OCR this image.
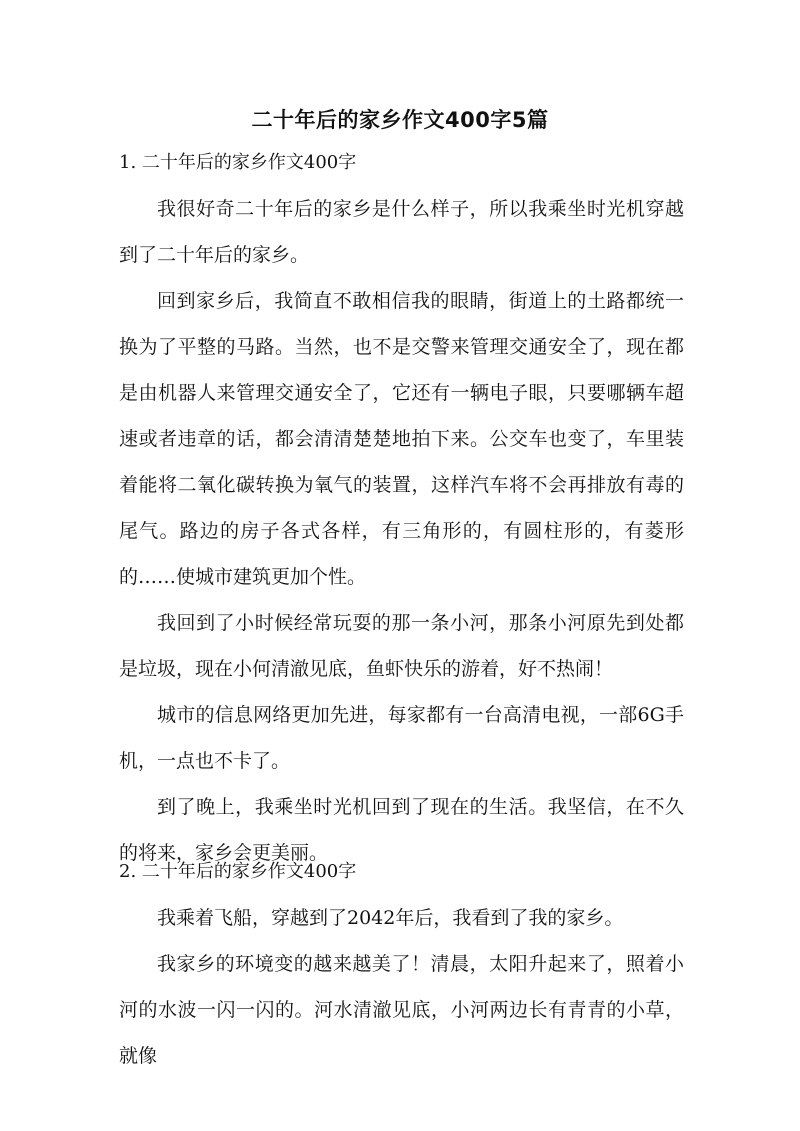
二十年后的家乡作文400字5篇
1. 二十年后的家乡作文400字

我很好奇二十年后的家乡是什么样子，所以我乘坐时光机穿越到了二十年后的家乡。

回到家乡后，我简直不敢相信我的眼睛，街道上的土路都统一换为了平整的马路。当然，也不是交警来管理交通安全了，现在都是由机器人来管理交通安全了，它还有一辆电子眼，只要哪辆车超速或者违章的话，都会清清楚楚地拍下来。公交车也变了，车里装着能将二氧化碳转换为氧气的装置，这样汽车将不会再排放有毒的尾气。路边的房子各式各样，有三角形的，有圆柱形的，有菱形的……使城市建筑更加个性。

我回到了小时候经常玩耍的那一条小河，那条小河原先到处都是垃圾，现在小何清澈见底，鱼虾快乐的游着，好不热闹！

城市的信息网络更加先进，每家都有一台高清电视，一部6G手机，一点也不卡了。

到了晚上，我乘坐时光机回到了现在的生活。我坚信，在不久的将来，家乡会更美丽。

2. 二十年后的家乡作文400字

我乘着飞船，穿越到了2042年后，我看到了我的家乡。

我家乡的环境变的越来越美了！清晨，太阳升起来了，照着小河的水波一闪一闪的。河水清澈见底，小河两边长有青青的小草，就像
